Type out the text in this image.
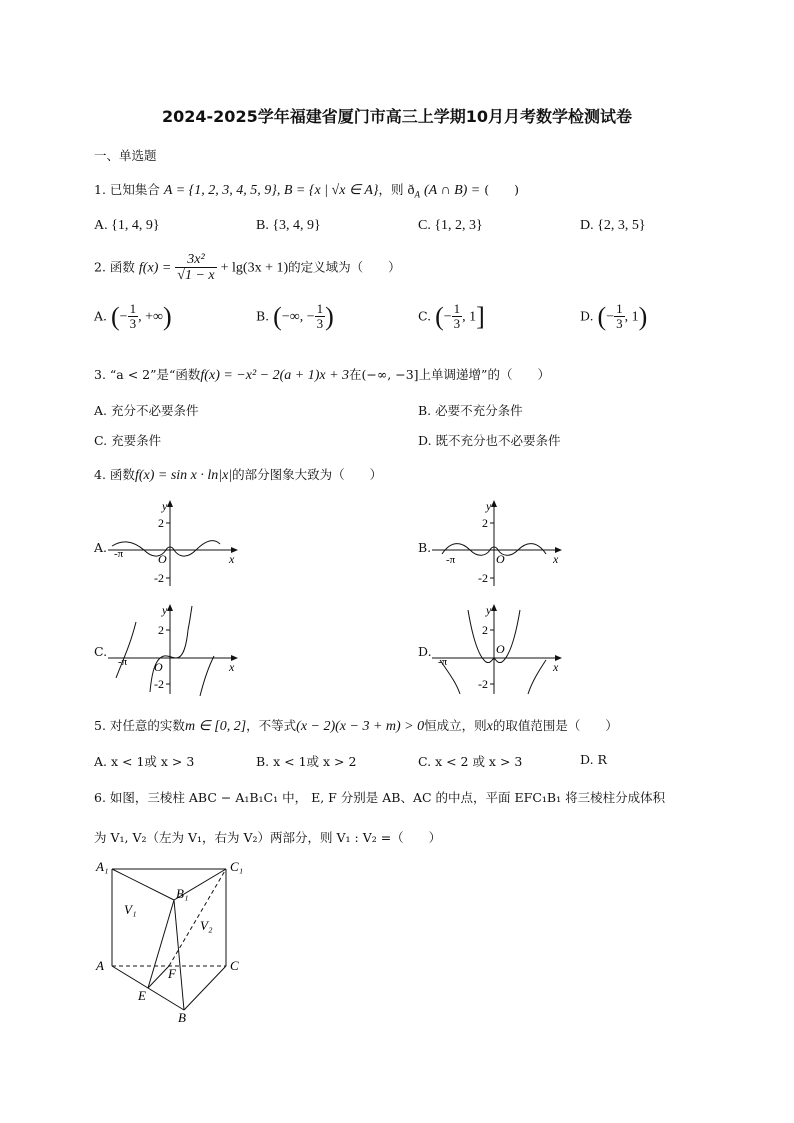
2024-2025学年福建省厦门市高三上学期10月月考数学检测试卷
一、单选题
1. 已知集合 A = {1, 2, 3, 4, 5, 9}, B = {x | √x ∈ A}，则 $ð_A$ (A ∩ B) = (　　)
A. {1, 4, 9}	B. {3, 4, 9}	C. {1, 2, 3}	D. {2, 3, 5}
2. 函数 $f(x) = \frac{\text{3x²}}{√1 - x} + \lg(3x + 1)$的定义域为（　　）
A. (− $\frac{1}{3}$ , +∞)	B. (−∞, − $\frac{1}{3}$ )	C. (− $\frac{1}{3}$ , 1]	D. (− $\frac{1}{3}$ , 1)
3. “a < 2”是“函数f(x) = −x² − 2(a + 1)x + 3在(−∞, −3]上单调递增”的（　　）
A. 充分不必要条件	B. 必要不充分条件
C. 充要条件	D. 既不充分也不必要条件
4. 函数f(x) = sin x · ln|x|的部分图象大致为（　　）
A.
y
x
2
-2
O
-π	B.
y
x
2
-2
O
-π
C.
y
x
2
-2
O
-π
D.
y
x
2
-2
O
-π
5. 对任意的实数m ∈ [0, 2]，不等式(x − 2)(x − 3 + m) > 0恒成立，则x的取值范围是（　　）
A. x < 1或 x > 3	B. x < 1或 x > 2	C. x < 2 或 x > 3	D. R
6. 如图，三棱柱 ABC − A₁B₁C₁ 中， E, F 分别是 AB、AC 的中点，平面 EFC₁B₁ 将三棱柱分成体积
为 V₁, V₂（左为 V₁，右为 V₂）两部分，则 V₁ : V₂ =（　　）
A₁	C₁
B₁
A	C
B
E
F
V₁
V₂
